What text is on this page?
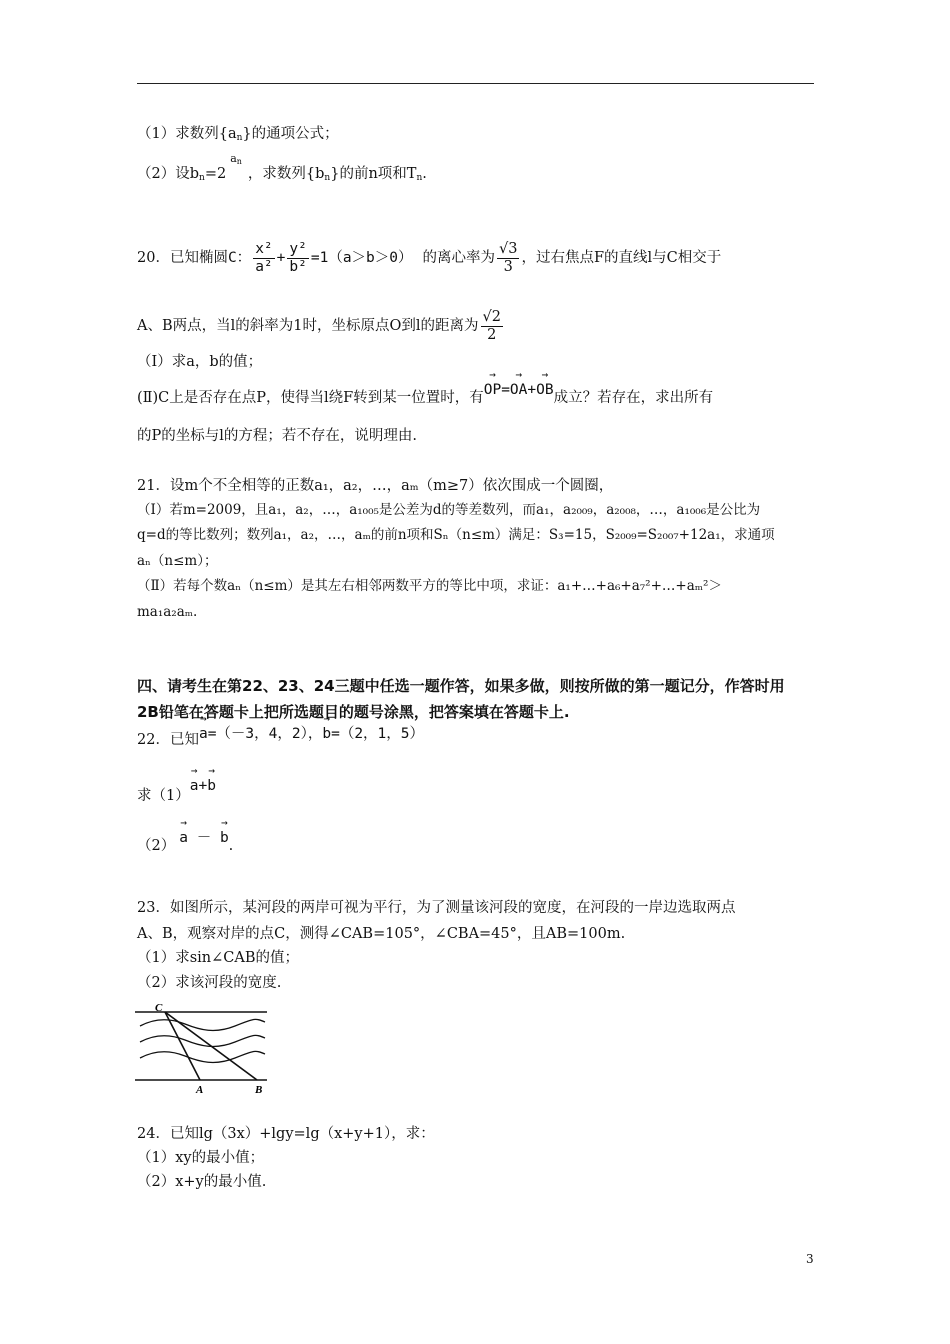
（1）求数列$\{a_n\}$的通项公式；
（2）设$b_n=2a_n$，求数列$\{b_n\}$的前n项和$T_n$.
20．已知椭圆C： $\frac{\text{x²}}{\text{a²}} + \frac{\text{y²}}{\text{b²}} =1(a>b>0)$ 的离心率为 $\frac{√3}{3}$ ，过右焦点F的直线l与C相交于
A、B两点，当l的斜率为1时，坐标原点O到l的距离为 $\frac{√2}{2}$
（Ⅰ）求a，b的值；
(Ⅱ)C上是否存在点P，使得当l绕F转到某一位置时，有→ OP=→ OA+→ OB成立？若存在，求出所有
的P的坐标与l的方程；若不存在，说明理由.
21．设m个不全相等的正数a₁，a₂，…，aₘ（m≥7）依次围成一个圆圈，
（Ⅰ）若m=2009，且a₁，a₂，…，a₁₀₀₅是公差为d的等差数列，而a₁，a₂₀₀₉，a₂₀₀₈，…，a₁₀₀₆是公比为
q=d的等比数列；数列a₁，a₂，…，aₘ的前n项和Sₙ（n≤m）满足：S₃=15，S₂₀₀₉=S₂₀₀₇+12a₁，求通项
aₙ（n≤m）；
（Ⅱ）若每个数aₙ（n≤m）是其左右相邻两数平方的等比中项，求证：a₁+…+a₆+a₇²+…+aₘ²＞
ma₁a₂aₘ.
四、请考生在第22、23、24三题中任选一题作答，如果多做，则按所做的第一题记分，作答时用
2B铅笔在答题卡上把所选题目的题号涂黑，把答案填在答题卡上.
22．已知→ a=（－3，4，2），→ b=（2，1，5）
求（1）→ a+→ b
（2） → a － → b.
23．如图所示，某河段的两岸可视为平行，为了测量该河段的宽度，在河段的一岸边选取两点
A、B，观察对岸的点C，测得∠CAB=105°，∠CBA=45°，且AB=100m.
（1）求sin∠CAB的值；
（2）求该河段的宽度.
C
A	B
24．已知lg（3x）+lgy=lg（x+y+1），求：
（1）xy的最小值；
（2）x+y的最小值.
3
